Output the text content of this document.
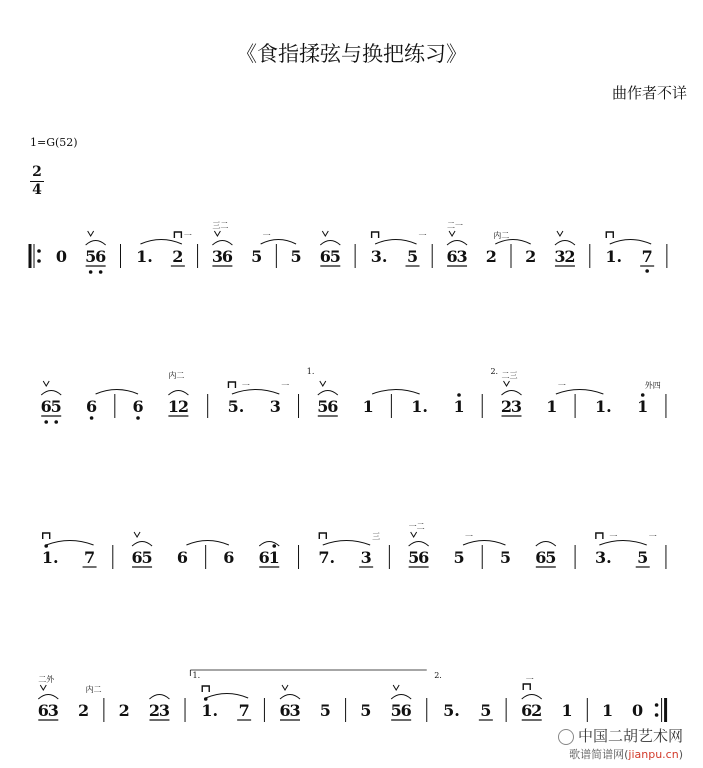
《食指揉弦与换把练习》
曲作者不详
1=G(52)
2
4
0 5
6 1. 2
一
3
6
三二
5
一
5 6
5 3. 5
一
6
3
二一
2
内二
2 3
2 1. 7
6
5 6 6 1
2
内二
5.
一
3
一
1.
5
6 1 1. 1
2.
2
3
二三
1
一
1. 1
外四
1. 7 6
5 6 6 6
1 7. 3
三
5
6
一二
5
一
5 6
5 3.
一
5
一
6
3
二外
2
内二
2 2
3
1.
1. 7 6
3 5 5 5
6
2.
5. 5 6
2
一
1 1 0
中国二胡艺术网
歌谱简谱网(jianpu.cn)
